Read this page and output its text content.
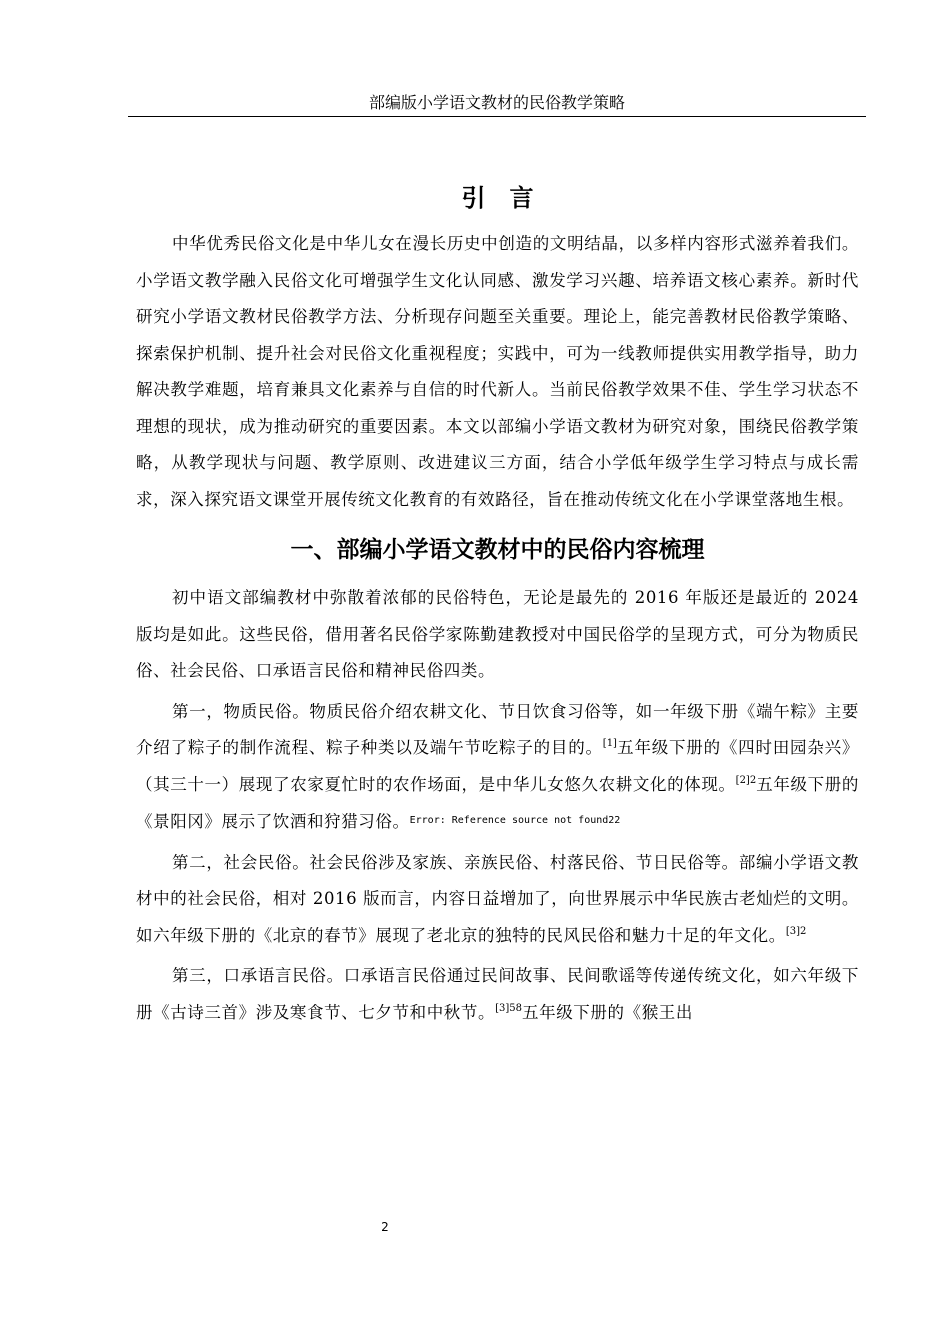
部编版小学语文教材的民俗教学策略
引言

中华优秀民俗文化是中华儿女在漫长历史中创造的文明结晶，以多样内容形式滋养着我们。小学语文教学融入民俗文化可增强学生文化认同感、激发学习兴趣、培养语文核心素养。新时代研究小学语文教材民俗教学方法、分析现存问题至关重要。理论上，能完善教材民俗教学策略、探索保护机制、提升社会对民俗文化重视程度；实践中，可为一线教师提供实用教学指导，助力解决教学难题，培育兼具文化素养与自信的时代新人。当前民俗教学效果不佳、学生学习状态不理想的现状，成为推动研究的重要因素。本文以部编小学语文教材为研究对象，围绕民俗教学策略，从教学现状与问题、教学原则、改进建议三方面，结合小学低年级学生学习特点与成长需求，深入探究语文课堂开展传统文化教育的有效路径，旨在推动传统文化在小学课堂落地生根。

一、部编小学语文教材中的民俗内容梳理

初中语文部编教材中弥散着浓郁的民俗特色，无论是最先的 2016 年版还是最近的 2024 版均是如此。这些民俗，借用著名民俗学家陈勤建教授对中国民俗学的呈现方式，可分为物质民俗、社会民俗、口承语言民俗和精神民俗四类。

第一，物质民俗。物质民俗介绍农耕文化、节日饮食习俗等，如一年级下册《端午粽》主要介绍了粽子的制作流程、粽子种类以及端午节吃粽子的目的。[1]五年级下册的《四时田园杂兴》（其三十一）展现了农家夏忙时的农作场面，是中华儿女悠久农耕文化的体现。$^{[2]2}$五年级下册的《景阳冈》展示了饮酒和狩猎习俗。$^{Error: Reference source not found22}$

第二，社会民俗。社会民俗涉及家族、亲族民俗、村落民俗、节日民俗等。部编小学语文教材中的社会民俗，相对 2016 版而言，内容日益增加了，向世界展示中华民族古老灿烂的文明。如六年级下册的《北京的春节》展现了老北京的独特的民风民俗和魅力十足的年文化。$^{[3]2}$

第三，口承语言民俗。口承语言民俗通过民间故事、民间歌谣等传递传统文化，如六年级下册《古诗三首》涉及寒食节、七夕节和中秋节。$^{[3]58}$五年级下册的《猴王出

2
